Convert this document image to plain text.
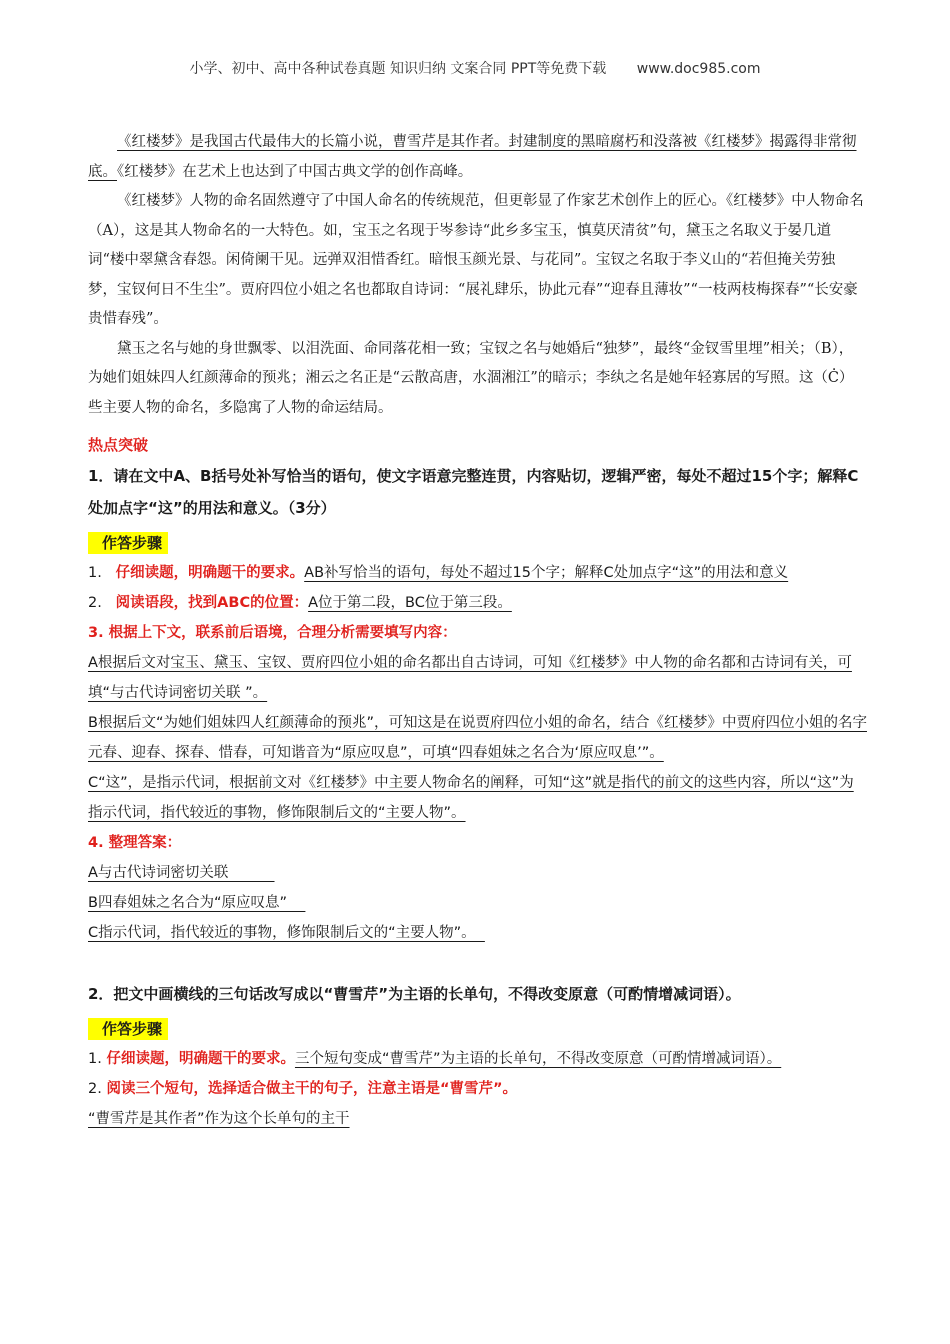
小学、初中、高中各种试卷真题 知识归纳 文案合同 PPT等免费下载 www.doc985.com

《红楼梦》是我国古代最伟大的长篇小说，曹雪芹是其作者。封建制度的黑暗腐朽和没落被《红楼梦》揭露得非常彻底。《红楼梦》在艺术上也达到了中国古典文学的创作高峰。

《红楼梦》人物的命名固然遵守了中国人命名的传统规范，但更彰显了作家艺术创作上的匠心。《红楼梦》中人物命名（A），这是其人物命名的一大特色。如，宝玉之名现于岑参诗“此乡多宝玉，慎莫厌清贫”句，黛玉之名取义于晏几道词“楼中翠黛含春怨。闲倚阑干见。远弹双泪惜香红。暗恨玉颜光景、与花同”。宝钗之名取于李义山的“若但掩关劳独梦，宝钗何日不生尘”。贾府四位小姐之名也都取自诗词：“展礼肆乐，协此元春”“迎春且薄妆”“一枝两枝梅探春”“长安豪贵惜春残”。

黛玉之名与她的身世飘零、以泪洗面、命同落花相一致；宝钗之名与她婚后“独梦”，最终“金钗雪里埋”相关；（B），为她们姐妹四人红颜薄命的预兆；湘云之名正是“云散高唐，水涸湘江”的暗示；李纨之名是她年轻寡居的写照。· 这（C）些主要人物的命名，多隐寓了人物的命运结局。

热点突破
1．请在文中A、B括号处补写恰当的语句，使文字语意完整连贯，内容贴切，逻辑严密，每处不超过15个字；解释C处加点字“这”的用法和意义。（3分）
作答步骤
1. 仔细读题，明确题干的要求。AB补写恰当的语句，每处不超过15个字；解释C处加点字“这”的用法和意义
2. 阅读语段，找到ABC的位置：A位于第二段，BC位于第三段。
3. 根据上下文，联系前后语境，合理分析需要填写内容：
A根据后文对宝玉、黛玉、宝钗、贾府四位小姐的命名都出自古诗词，可知《红楼梦》中人物的命名都和古诗词有关，可填“与古代诗词密切关联 ”。
B根据后文“为她们姐妹四人红颜薄命的预兆”，可知这是在说贾府四位小姐的命名，结合《红楼梦》中贾府四位小姐的名字元春、迎春、探春、惜春，可知谐音为“原应叹息”，可填“四春姐妹之名合为‘原应叹息’”。
C“这”，是指示代词，根据前文对《红楼梦》中主要人物命名的阐释，可知“这”就是指代的前文的这些内容，所以“这”为指示代词，指代较近的事物，修饰限制后文的“主要人物”。
4. 整理答案：
A与古代诗词密切关联
B四春姐妹之名合为“原应叹息”
C指示代词，指代较近的事物，修饰限制后文的“主要人物”。
2．把文中画横线的三句话改写成以“曹雪芹”为主语的长单句，不得改变原意（可酌情增减词语）。
作答步骤
1. 仔细读题，明确题干的要求。三个短句变成“曹雪芹”为主语的长单句，不得改变原意（可酌情增减词语）。
2. 阅读三个短句，选择适合做主干的句子，注意主语是“曹雪芹”。
“曹雪芹是其作者”作为这个长单句的主干
